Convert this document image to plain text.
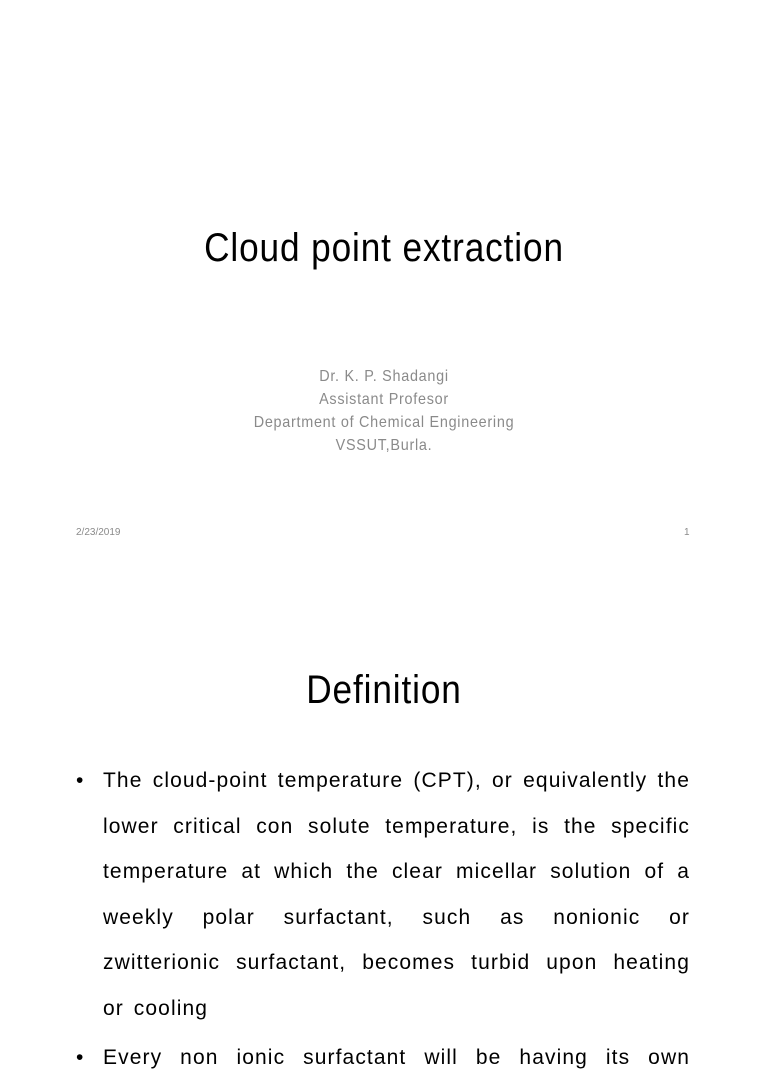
Cloud point extraction
Dr. K. P. Shadangi
Assistant Profesor
Department of Chemical Engineering
VSSUT,Burla.
2/23/2019	1
Definition
• The cloud-point temperature (CPT), or equivalently the lower critical con solute temperature, is the specific temperature at which the clear micellar solution of a weekly polar surfactant, such as nonionic or zwitterionic surfactant, becomes turbid upon heating or cooling
• Every non ionic surfactant will be having its own
